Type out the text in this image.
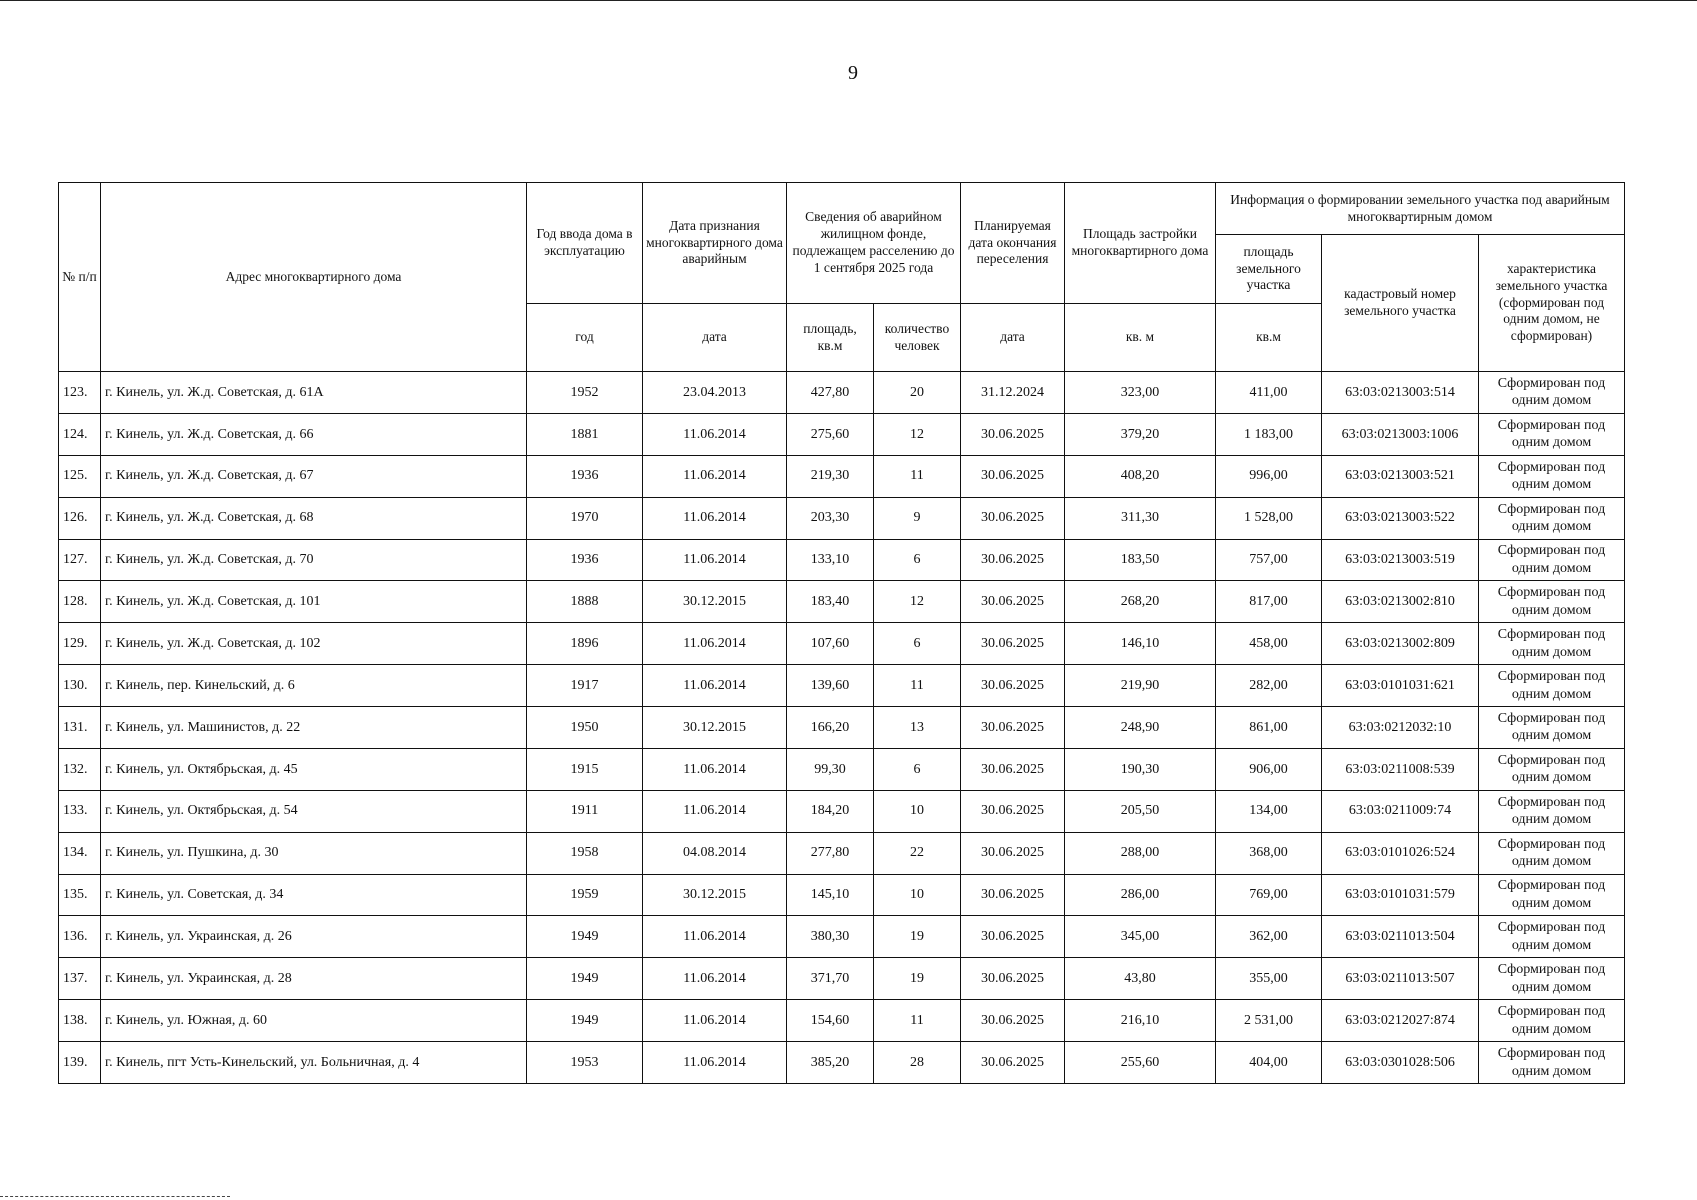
9
№ п/п	Адрес многоквартирного дома	Год ввода дома в эксплуатацию	Дата признания многоквартирного дома аварийным	Сведения об аварийном жилищном фонде, подлежащем расселению до 1 сентября 2025 года		Планируемая дата окончания переселения	Площадь застройки многоквартирного дома	Информация о формировании земельного участка под аварийным многоквартирным домом		
								площадь земельного участка	кадастровый номер земельного участка	характеристика земельного участка (сформирован под одним домом, не сформирован)
		год	дата	площадь, кв.м	количество человек	дата	кв. м	кв.м		
123.	г. Кинель, ул. Ж.д. Советская, д. 61А	1952	23.04.2013	427,80	20	31.12.2024	323,00	411,00	63:03:0213003:514	Сформирован под одним домом
124.	г. Кинель, ул. Ж.д. Советская, д. 66	1881	11.06.2014	275,60	12	30.06.2025	379,20	1 183,00	63:03:0213003:1006	Сформирован под одним домом
125.	г. Кинель, ул. Ж.д. Советская, д. 67	1936	11.06.2014	219,30	11	30.06.2025	408,20	996,00	63:03:0213003:521	Сформирован под одним домом
126.	г. Кинель, ул. Ж.д. Советская, д. 68	1970	11.06.2014	203,30	9	30.06.2025	311,30	1 528,00	63:03:0213003:522	Сформирован под одним домом
127.	г. Кинель, ул. Ж.д. Советская, д. 70	1936	11.06.2014	133,10	6	30.06.2025	183,50	757,00	63:03:0213003:519	Сформирован под одним домом
128.	г. Кинель, ул. Ж.д. Советская, д. 101	1888	30.12.2015	183,40	12	30.06.2025	268,20	817,00	63:03:0213002:810	Сформирован под одним домом
129.	г. Кинель, ул. Ж.д. Советская, д. 102	1896	11.06.2014	107,60	6	30.06.2025	146,10	458,00	63:03:0213002:809	Сформирован под одним домом
130.	г. Кинель, пер. Кинельский, д. 6	1917	11.06.2014	139,60	11	30.06.2025	219,90	282,00	63:03:0101031:621	Сформирован под одним домом
131.	г. Кинель, ул. Машинистов, д. 22	1950	30.12.2015	166,20	13	30.06.2025	248,90	861,00	63:03:0212032:10	Сформирован под одним домом
132.	г. Кинель, ул. Октябрьская, д. 45	1915	11.06.2014	99,30	6	30.06.2025	190,30	906,00	63:03:0211008:539	Сформирован под одним домом
133.	г. Кинель, ул. Октябрьская, д. 54	1911	11.06.2014	184,20	10	30.06.2025	205,50	134,00	63:03:0211009:74	Сформирован под одним домом
134.	г. Кинель, ул. Пушкина, д. 30	1958	04.08.2014	277,80	22	30.06.2025	288,00	368,00	63:03:0101026:524	Сформирован под одним домом
135.	г. Кинель, ул. Советская, д. 34	1959	30.12.2015	145,10	10	30.06.2025	286,00	769,00	63:03:0101031:579	Сформирован под одним домом
136.	г. Кинель, ул. Украинская, д. 26	1949	11.06.2014	380,30	19	30.06.2025	345,00	362,00	63:03:0211013:504	Сформирован под одним домом
137.	г. Кинель, ул. Украинская, д. 28	1949	11.06.2014	371,70	19	30.06.2025	43,80	355,00	63:03:0211013:507	Сформирован под одним домом
138.	г. Кинель, ул. Южная, д. 60	1949	11.06.2014	154,60	11	30.06.2025	216,10	2 531,00	63:03:0212027:874	Сформирован под одним домом
139.	г. Кинель, пгт Усть-Кинельский, ул. Больничная, д. 4	1953	11.06.2014	385,20	28	30.06.2025	255,60	404,00	63:03:0301028:506	Сформирован под одним домом
